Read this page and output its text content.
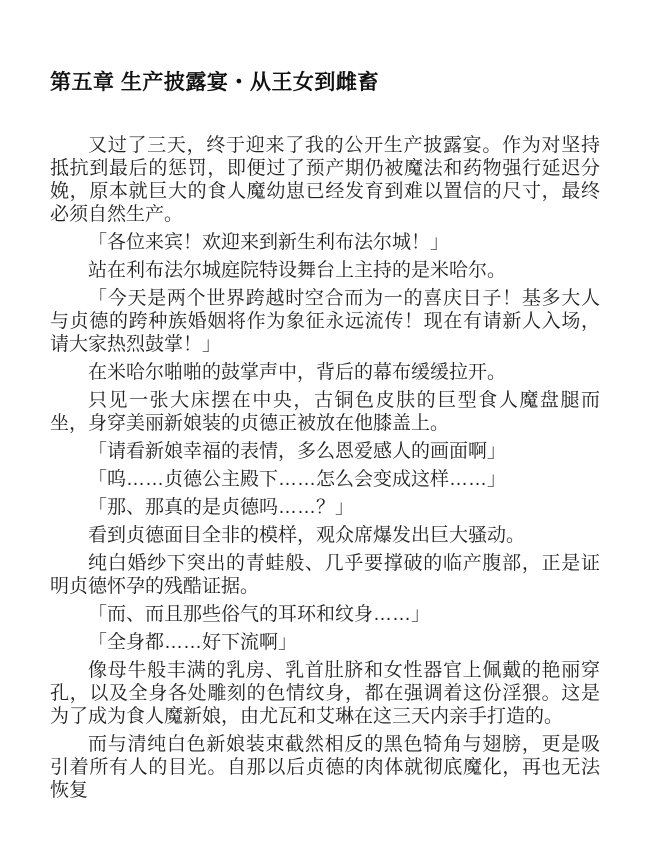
第五章 生产披露宴・从王女到雌畜

又过了三天，终于迎来了我的公开生产披露宴。作为对坚持抵抗到最后的惩罚，即便过了预产期仍被魔法和药物强行延迟分娩，原本就巨大的食人魔幼崽已经发育到难以置信的尺寸，最终必须自然生产。

「各位来宾！欢迎来到新生利布法尔城！」

站在利布法尔城庭院特设舞台上主持的是米哈尔。

「今天是两个世界跨越时空合而为一的喜庆日子！基多大人与贞德的跨种族婚姻将作为象征永远流传！现在有请新人入场，请大家热烈鼓掌！」

在米哈尔啪啪的鼓掌声中，背后的幕布缓缓拉开。

只见一张大床摆在中央，古铜色皮肤的巨型食人魔盘腿而坐，身穿美丽新娘装的贞德正被放在他膝盖上。

「请看新娘幸福的表情，多么恩爱感人的画面啊」

「呜……贞德公主殿下……怎么会变成这样……」

「那、那真的是贞德吗……？」

看到贞德面目全非的模样，观众席爆发出巨大骚动。

纯白婚纱下突出的青蛙般、几乎要撑破的临产腹部，正是证明贞德怀孕的残酷证据。

「而、而且那些俗气的耳环和纹身……」

「全身都……好下流啊」

像母牛般丰满的乳房、乳首肚脐和女性器官上佩戴的艳丽穿孔，以及全身各处雕刻的色情纹身，都在强调着这份淫猥。这是为了成为食人魔新娘，由尤瓦和艾琳在这三天内亲手打造的。

而与清纯白色新娘装束截然相反的黑色犄角与翅膀，更是吸引着所有人的目光。自那以后贞德的肉体就彻底魔化，再也无法恢复
